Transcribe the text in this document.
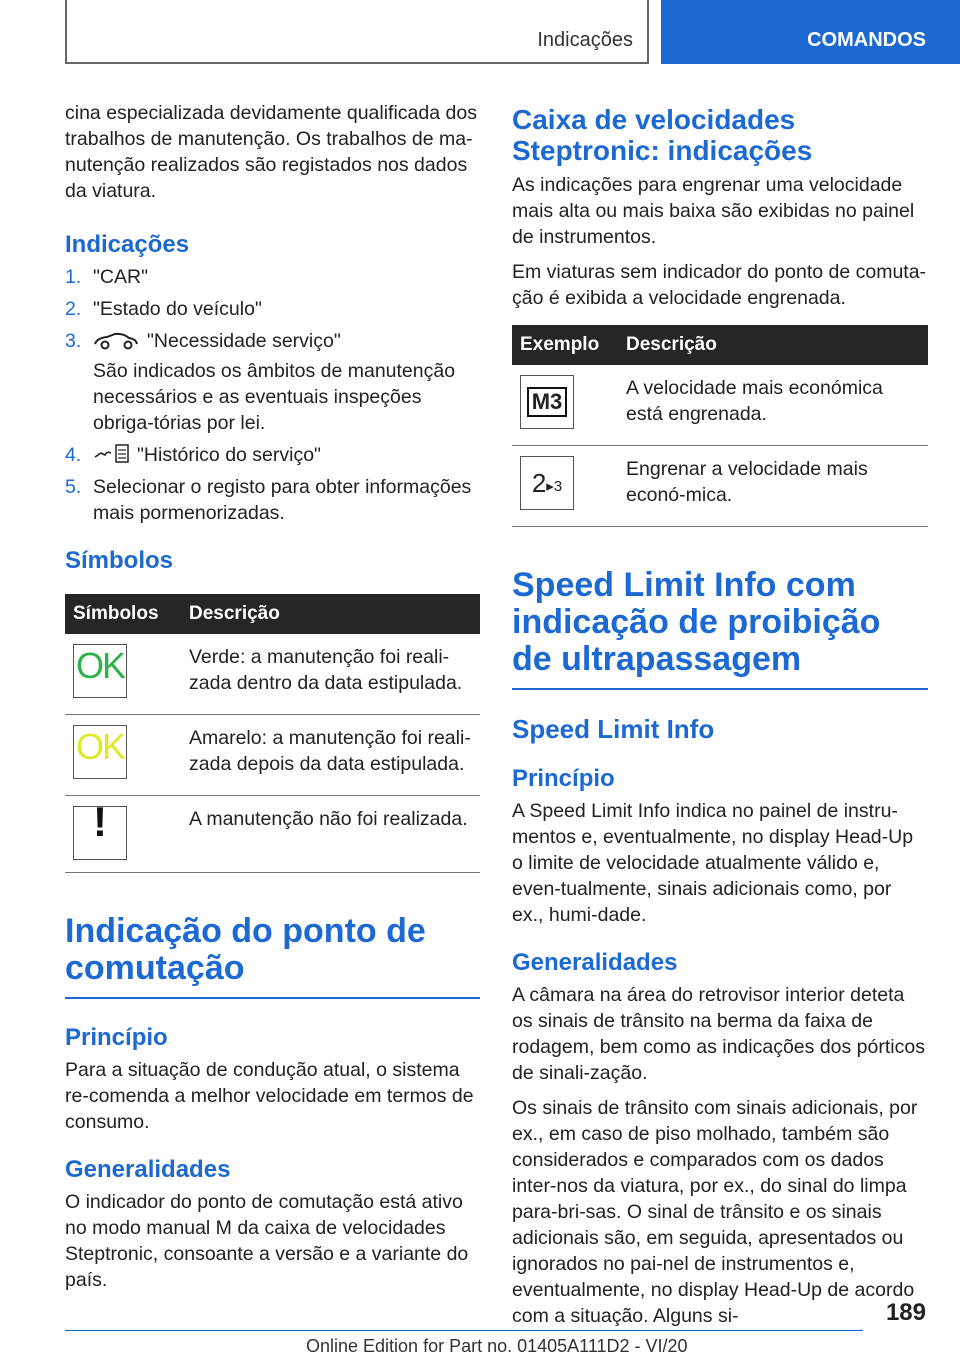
Indicações	COMANDOS

cina especializada devidamente qualificada dos trabalhos de manutenção. Os trabalhos de ma-nutenção realizados são registados nos dados da viatura.

Indicações
1. "CAR"
2. "Estado do veículo"
3.	"Necessidade serviço"
São indicados os âmbitos de manutenção necessários e as eventuais inspeções obriga-tórias por lei.
4.	"Histórico do serviço"
5. Selecionar o registo para obter informações mais pormenorizadas.
Símbolos
Símbolos	Descrição

OK	Verde: a manutenção foi reali-zada dentro da data estipulada.

OK	Amarelo: a manutenção foi reali-zada depois da data estipulada.

!	A manutenção não foi realizada.
Indicação do ponto de comutação
Princípio

Para a situação de condução atual, o sistema re-comenda a melhor velocidade em termos de consumo.

Generalidades

O indicador do ponto de comutação está ativo no modo manual M da caixa de velocidades Steptronic, consoante a versão e a variante do país.

Caixa de velocidades Steptronic: indicações

As indicações para engrenar uma velocidade mais alta ou mais baixa são exibidas no painel de instrumentos.

Em viaturas sem indicador do ponto de comuta-ção é exibida a velocidade engrenada.

Exemplo	Descrição

M3	A velocidade mais económica está engrenada.

2 ▸3	Engrenar a velocidade mais econó-mica.
Speed Limit Info com indicação de proibição de ultrapassagem
Speed Limit Info
Princípio

A Speed Limit Info indica no painel de instru-mentos e, eventualmente, no display Head-Up o limite de velocidade atualmente válido e, even-tualmente, sinais adicionais como, por ex., humi-dade.

Generalidades

A câmara na área do retrovisor interior deteta os sinais de trânsito na berma da faixa de rodagem, bem como as indicações dos pórticos de sinali-zação.

Os sinais de trânsito com sinais adicionais, por ex., em caso de piso molhado, também são considerados e comparados com os dados inter-nos da viatura, por ex., do sinal do limpa para-bri-sas. O sinal de trânsito e os sinais adicionais são, em seguida, apresentados ou ignorados no pai-nel de instrumentos e, eventualmente, no display Head-Up de acordo com a situação. Alguns si-	189
Online Edition for Part no. 01405A111D2 - VI/20
